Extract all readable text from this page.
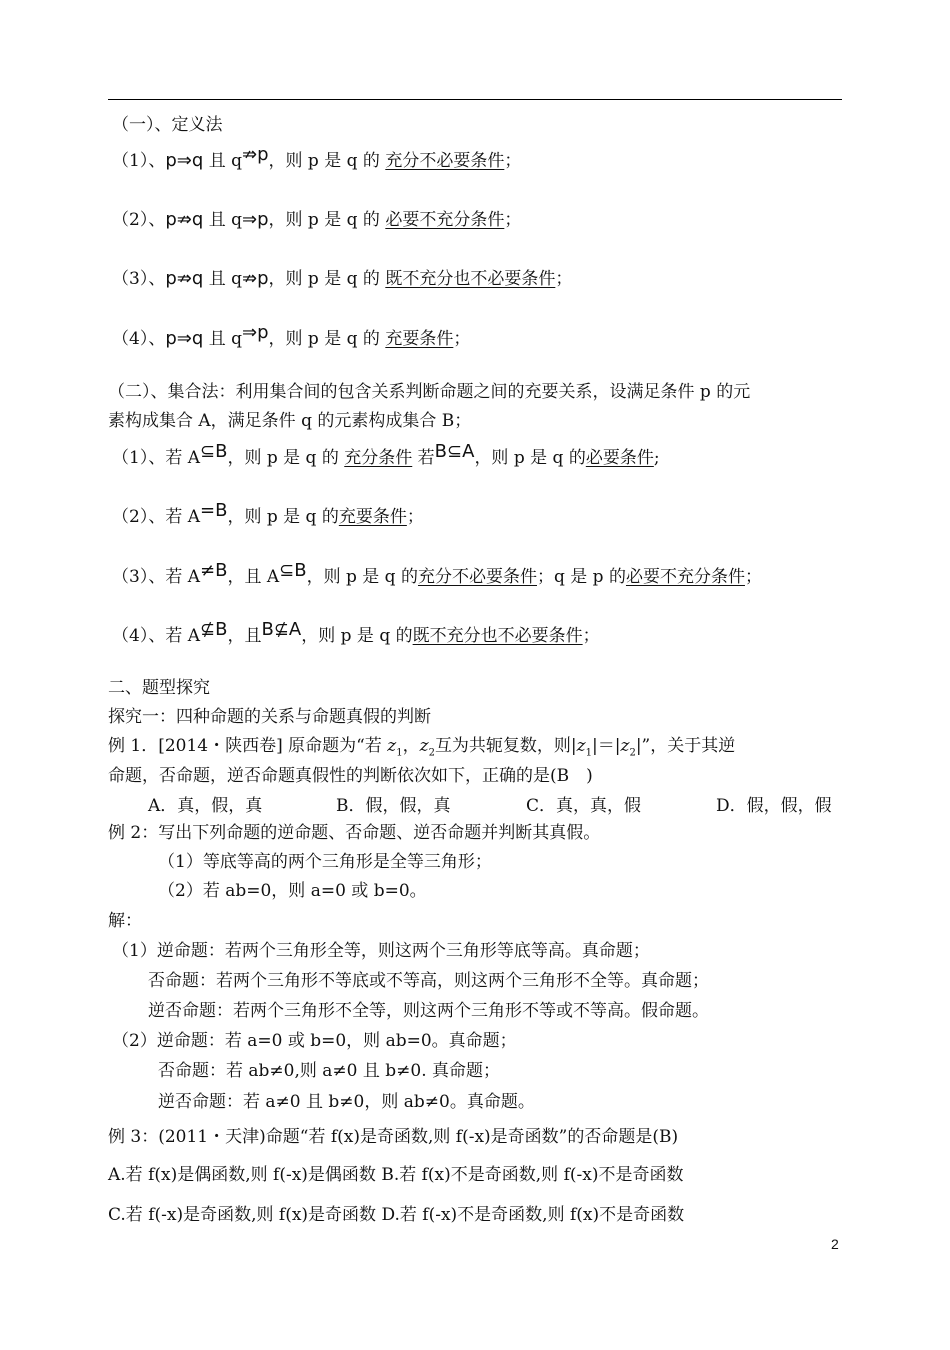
（一）、定义法
（1）、p⇒q 且 q⇏p，则 p 是 q 的 充分不必要条件；
（2）、p⇏q 且 q⇒p，则 p 是 q 的 必要不充分条件；
（3）、p⇏q 且 q⇏p，则 p 是 q 的 既不充分也不必要条件；
（4）、p⇒q 且 q⇒p，则 p 是 q 的 充要条件；
（二）、集合法：利用集合间的包含关系判断命题之间的充要关系，设满足条件 p 的元
素构成集合 A，满足条件 q 的元素构成集合 B；
（1）、若 A⊆B，则 p 是 q 的 充分条件 若B⊆A，则 p 是 q 的必要条件;
（2）、若 A=B，则 p 是 q 的充要条件；
（3）、若 A≠B，且 A⊆B，则 p 是 q 的充分不必要条件；q 是 p 的必要不充分条件；
（4）、若 A⊈B，且B⊈A，则 p 是 q 的既不充分也不必要条件；
二、题型探究
探究一：四种命题的关系与命题真假的判断
例 1．[2014・陕西卷] 原命题为“若 $z_1$，$z_2$互为共轭复数，则$|z_1|=|z_2|$”，关于其逆
命题，否命题，逆否命题真假性的判断依次如下，正确的是(B　)
A．真，假，真	B．假，假，真	C．真，真，假	D．假，假，假
例 2：写出下列命题的逆命题、否命题、逆否命题并判断其真假。
（1）等底等高的两个三角形是全等三角形；
（2）若 ab=0，则 a=0 或 b=0。
解：
（1）逆命题：若两个三角形全等，则这两个三角形等底等高。真命题；
否命题：若两个三角形不等底或不等高，则这两个三角形不全等。真命题；
逆否命题：若两个三角形不全等，则这两个三角形不等或不等高。假命题。
（2）逆命题：若 a=0 或 b=0，则 ab=0。真命题；
否命题：若 ab≠0,则 a≠0 且 b≠0. 真命题；
逆否命题：若 a≠0 且 b≠0，则 ab≠0。真命题。
例 3：(2011・天津)命题“若 f(x)是奇函数,则 f(-x)是奇函数”的否命题是(B)
A.若 f(x)是偶函数,则 f(-x)是偶函数 B.若 f(x)不是奇函数,则 f(-x)不是奇函数
C.若 f(-x)是奇函数,则 f(x)是奇函数 D.若 f(-x)不是奇函数,则 f(x)不是奇函数
2
